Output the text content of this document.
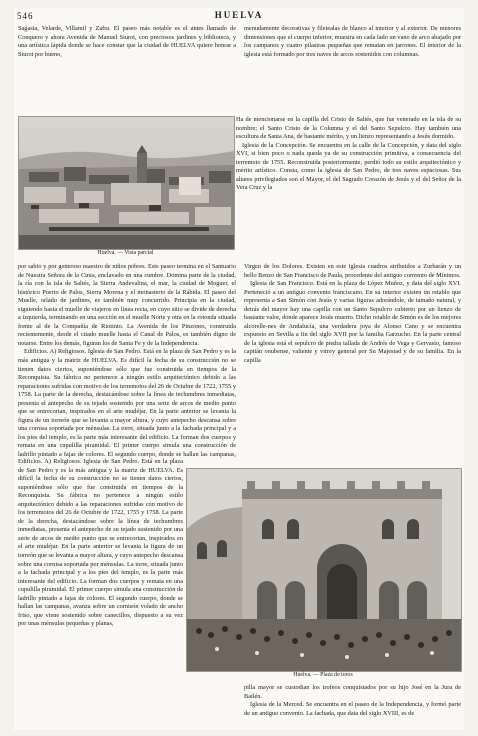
546	HUELVA

Sagasta, Velarde, Villamil y Zafra. El paseo más notable es el antes llamado de Conquero y ahora Avenida de Manuel Siurot, con preciosos jardines y biblioteca, y una artística lápida donde se hace constar que la ciudad de HUELVA quiere honrar a Siurot por bueno,

Huelva. — Vista parcial

por sabio y por generoso maestro de niños pobres. Este paseo termina en el Santuario de Nuestra Señora de la Cinta, enclavado en una cumbre. Domina parte de la ciudad, la ría con la isla de Saltés, la Sierra Andevalina, el mar, la ciudad de Moguer, el histórico Puerto de Palos, Sierra Morena y el monasterio de la Rábida. El paseo del Muelle, orlado de jardines, es también muy concurrido. Principia en la ciudad, siguiendo hasta el muelle de viajeros en línea recta, en cuyo sitio se divide de derecha a izquierda, terminando en una sección en el muelle Norte y otra en la rotonda situada frente al de la Compañía de Riotinto. La Avenida de los Pinzones, construida recientemente, desde el citado muelle hasta el Canal de Palos, es también digno de notarse. Entre los demás, figuran los de Santa Fe y de la Independencia.

Edificios. A) Religiosos. Iglesia de San Pedro. Está en la plaza de San Pedro y es la más antigua y la matriz de HUELVA. Es difícil la fecha de su construcción no se tienen datos ciertos, suponiéndose sólo que fue construida en tiempos de la Reconquista. Su fábrica no pertenece a ningún estilo arquitectónico debido a las reparaciones sufridas con motivo de los terremotos del 26 de Octubre de 1722, 1755 y 1758. La parte de la derecha, destacándose sobre la línea de techumbres inmediatas, presenta el antepecho de su tejado sostenido por una serie de arcos de medio punto que se entrecortan, inspirados en el arte mudéjar. En la parte anterior se levanta la figura de un torreón que se levanta a mayor altura, y cuyo antepecho descansa sobre una cornisa soportada por ménsulas. La torre, situada junto a la fachada principal y a los pies del templo, es la parte más interesante del edificio. La forman dos cuerpos y remata en una cupulilla piramidal. El primer cuerpo simula una construcción de ladrillo pintado a fajas de colores. El segundo cuerpo, donde se hallan las campanas,

Edificios. A) Religiosos. Iglesia de San Pedro. Está en la plaza de San Pedro y es la más antigua y la matriz de HUELVA. Es difícil la fecha de su construcción no se tienen datos ciertos, suponiéndose sólo que fue construida en tiempos de la Reconquista. Su fábrica no pertenece a ningún estilo arquitectónico debido a las reparaciones sufridas con motivo de los terremotos del 26 de Octubre de 1722, 1755 y 1758. La parte de la derecha, destacándose sobre la línea de techumbres inmediatas, presenta el antepecho de su tejado sostenido por una serie de arcos de medio punto que se entrecortan, inspirados en el arte mudéjar. En la parte anterior se levanta la figura de un torreón que se levanta a mayor altura, y cuyo antepecho descansa sobre una cornisa soportada por ménsulas. La torre, situada junto a la fachada principal y a los pies del templo, es la parte más interesante del edificio. La forman dos cuerpos y remata en una cupulilla piramidal. El primer cuerpo simula una construcción de ladrillo pintado a fajas de colores. El segundo cuerpo, donde se hallan las campanas, avanza sobre un cornisón volado de ancho friso, que viene sostenido sobre canecillos, dispuesto a su vez por unas ménsulas pequeñas y planas,

menudamente decorativas y filetealas de blanco al interior y al exterior. De menores dimensiones que el cuerpo inferior, muestra en cada lado un vano de arco abajado por los campanos y cuatro pilastras pequeñas que rematan en jarrones. El interior de la iglesia está formado por tres naves de arcos sostenidos con columnas.

Ha de mencionarse en la capilla del Cristo de Saltés, que fue venerado en la isla de su nombre; el Santo Cristo de la Columna y el del Santo Sepulcro. Hay también una escultura de Santa Ana, de bastante mérito, y un lienzo representando a Jesús dormido.

Iglesia de la Concepción. Se encuentra en la calle de la Concepción, y data del siglo XVI, si bien poco o nada queda ya de su construcción primitiva, a consecuencia del terremoto de 1755. Reconstruida posteriormente, perdió todo su estilo arquitectónico y mérito artístico. Consta, como la iglesia de San Pedro, de tres naves espaciosas. Sus altares privilegiados son el Mayor, el del Sagrado Corazón de Jesús y el del Señor de la Vera Cruz y la

Virgen de los Dolores. Existen en este iglesia cuadros atribuidos a Zurbarán y un bello Benzo de San Francisco de Paula, procedente del antiguo convento de Mínimos.

Iglesia de San Francisco. Está en la plaza de López Muñoz, y data del siglo XVI. Perteneció a un antiguo convento franciscano. En su interior existen un retablo que representa a San Simón con Jesús y varias figuras adorándole, de tamaño natural, y detrás del mayor hay una capilla con un Santo Sepulcro cubierto por un lienzo de bastante valor, donde aparece Jesús muerto. Dicho retablo de Simón es de los mejores alcorelle-nes de Andalucía, una verdadera joya de Alonso Cano y se encuentra expuesto en Sevilla a fin del siglo XVII por la familia Garzucho. En la parte central de la iglesia está el sepulcro de piedra tallada de Andrés de Vega y Gervasio, famoso capitán onubense, valiente y virrey general por Su Majestad y de su familia. En la capilla

Huelva. — Plaza de toros

pilla mayor se custodian los trofeos conquistados por su hijo José en la Jura de Bailén.

Iglesia de la Merced. Se encuentra en el paseo de la Independencia, y formó parte de un antiguo convento. La fachada, que data del siglo XVIII, es de
